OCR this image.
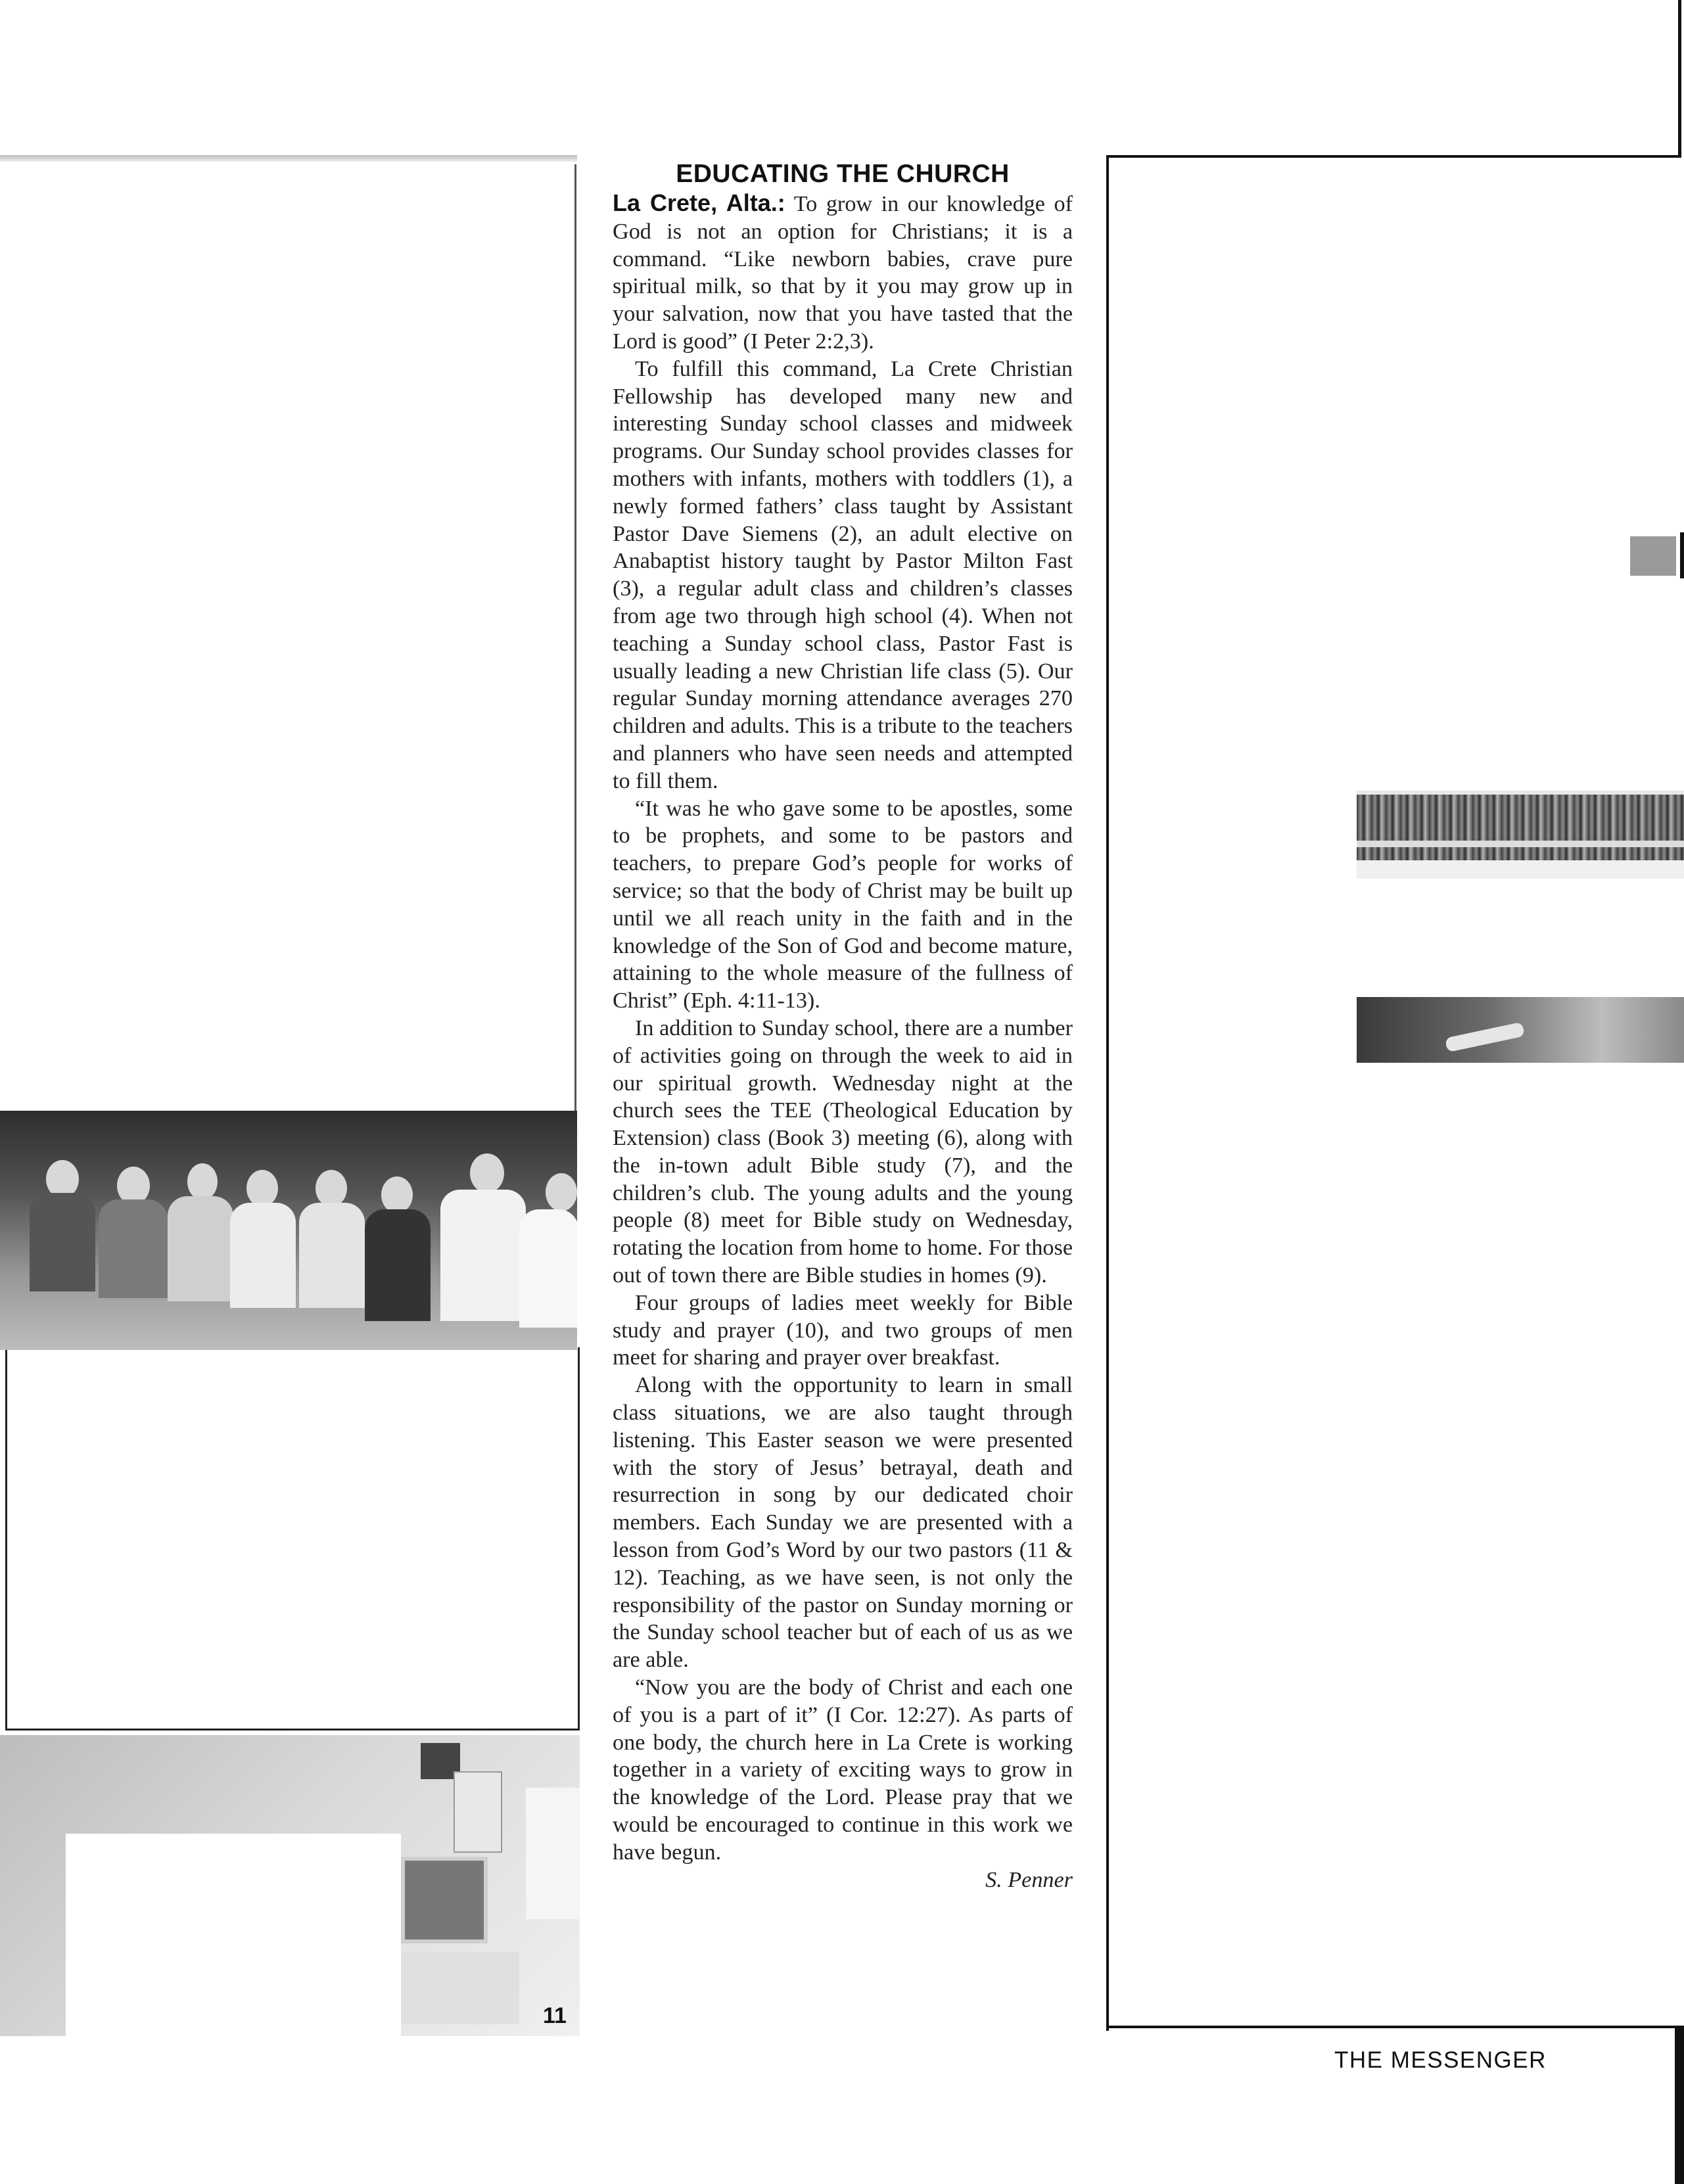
11
EDUCATING THE CHURCH

La Crete, Alta.: To grow in our knowledge of God is not an option for Christians; it is a command. “Like newborn babies, crave pure spiritual milk, so that by it you may grow up in your salvation, now that you have tasted that the Lord is good” (I Peter 2:2,3).

To fulfill this command, La Crete Christian Fellowship has developed many new and interesting Sunday school classes and midweek programs. Our Sunday school provides classes for mothers with infants, mothers with toddlers (1), a newly formed fathers’ class taught by Assistant Pastor Dave Siemens (2), an adult elective on Anabaptist history taught by Pastor Milton Fast (3), a regular adult class and children’s classes from age two through high school (4). When not teaching a Sunday school class, Pastor Fast is usually leading a new Christian life class (5). Our regular Sunday morning attendance averages 270 children and adults. This is a tribute to the teachers and planners who have seen needs and attempted to fill them.

“It was he who gave some to be apostles, some to be prophets, and some to be pastors and teachers, to prepare God’s people for works of service; so that the body of Christ may be built up until we all reach unity in the faith and in the knowledge of the Son of God and become mature, attaining to the whole measure of the fullness of Christ” (Eph. 4:11-13).

In addition to Sunday school, there are a number of activities going on through the week to aid in our spiritual growth. Wednesday night at the church sees the TEE (Theological Education by Extension) class (Book 3) meeting (6), along with the in-town adult Bible study (7), and the children’s club. The young adults and the young people (8) meet for Bible study on Wednesday, rotating the location from home to home. For those out of town there are Bible studies in homes (9).

Four groups of ladies meet weekly for Bible study and prayer (10), and two groups of men meet for sharing and prayer over breakfast.

Along with the opportunity to learn in small class situations, we are also taught through listening. This Easter season we were presented with the story of Jesus’ betrayal, death and resurrection in song by our dedicated choir members. Each Sunday we are presented with a lesson from God’s Word by our two pastors (11 & 12). Teaching, as we have seen, is not only the responsibility of the pastor on Sunday morning or the Sunday school teacher but of each of us as we are able.

“Now you are the body of Christ and each one of you is a part of it” (I Cor. 12:27). As parts of one body, the church here in La Crete is working together in a variety of exciting ways to grow in the knowledge of the Lord. Please pray that we would be encouraged to continue in this work we have begun.

S. Penner

THE MESSENGER
